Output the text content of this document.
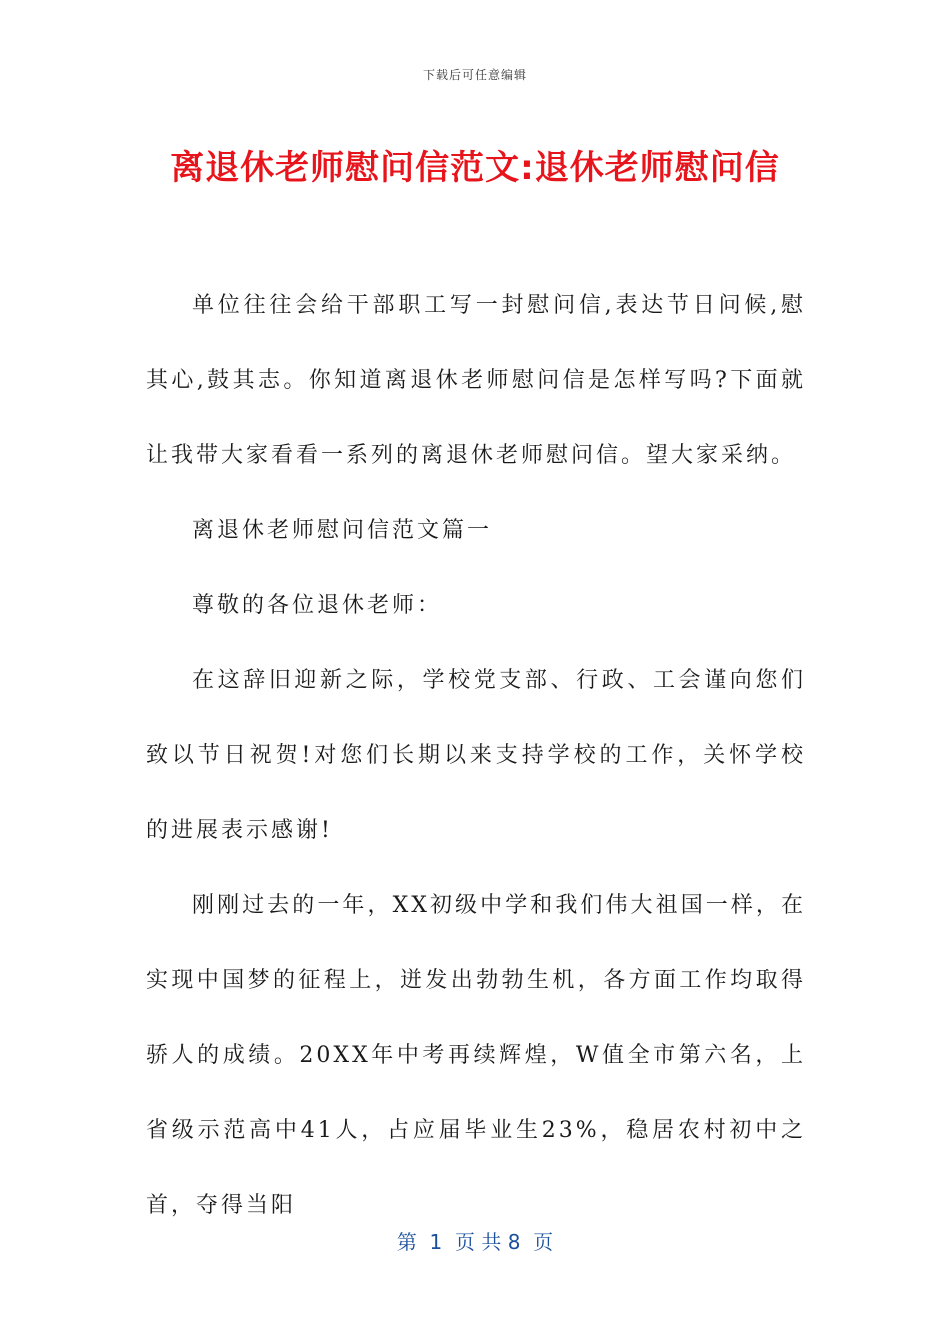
下载后可任意编辑
离退休老师慰问信范文:退休老师慰问信

单位往往会给干部职工写一封慰问信,表达节日问候,慰其心,鼓其志。你知道离退休老师慰问信是怎样写吗?下面就让我带大家看看一系列的离退休老师慰问信。望大家采纳。

离退休老师慰问信范文篇一

尊敬的各位退休老师：

在这辞旧迎新之际，学校党支部、行政、工会谨向您们致以节日祝贺!对您们长期以来支持学校的工作，关怀学校的进展表示感谢!

刚刚过去的一年，XX初级中学和我们伟大祖国一样，在实现中国梦的征程上，迸发出勃勃生机，各方面工作均取得骄人的成绩。20XX年中考再续辉煌，W值全市第六名，上省级示范高中41人，占应届毕业生23%，稳居农村初中之首，夺得当阳

第  1  页 共 8  页
